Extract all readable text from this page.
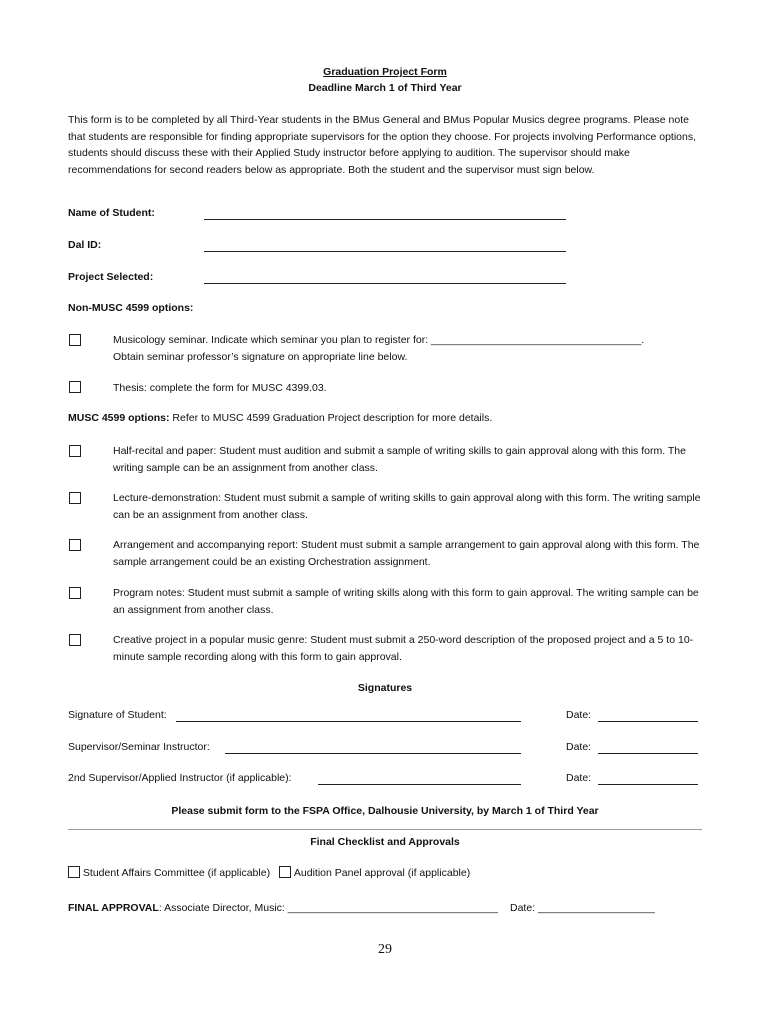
Graduation Project Form
Deadline March 1 of Third Year

This form is to be completed by all Third-Year students in the BMus General and BMus Popular Musics degree programs. Please note that students are responsible for finding appropriate supervisors for the option they choose. For projects involving Performance options, students should discuss these with their Applied Study instructor before applying to audition. The supervisor should make recommendations for second readers below as appropriate. Both the student and the supervisor must sign below.

Name of Student:
Dal ID:
Project Selected:
Non-MUSC 4599 options:
Musicology seminar. Indicate which seminar you plan to register for: ____________________________________.
Obtain seminar professor’s signature on appropriate line below.
Thesis: complete the form for MUSC 4399.03.
MUSC 4599 options: Refer to MUSC 4599 Graduation Project description for more details.

Half-recital and paper: Student must audition and submit a sample of writing skills to gain approval along with this form. The writing sample can be an assignment from another class.

Lecture-demonstration: Student must submit a sample of writing skills to gain approval along with this form. The writing sample can be an assignment from another class.

Arrangement and accompanying report: Student must submit a sample arrangement to gain approval along with this form. The sample arrangement could be an existing Orchestration assignment.

Program notes: Student must submit a sample of writing skills along with this form to gain approval. The writing sample can be an assignment from another class.

Creative project in a popular music genre: Student must submit a 250-word description of the proposed project and a 5 to 10-minute sample recording along with this form to gain approval.

Signatures
Signature of Student:	Date:
Supervisor/Seminar Instructor:	Date:
2nd Supervisor/Applied Instructor (if applicable):	Date:
Please submit form to the FSPA Office, Dalhousie University, by March 1 of Third Year
Final Checklist and Approvals
Student Affairs Committee (if applicable) Audition Panel approval (if applicable)
FINAL APPROVAL: Associate Director, Music: ____________________________________ Date: ____________________
29
